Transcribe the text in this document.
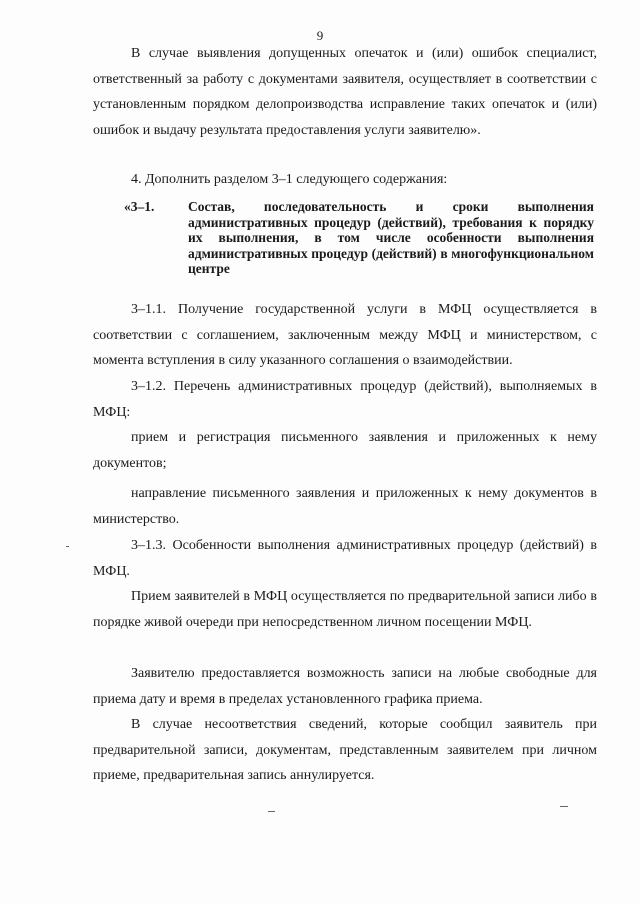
9

В случае выявления допущенных опечаток и (или) ошибок специалист, ответственный за работу с документами заявителя, осуществляет в соответствии с установленным порядком делопроизводства исправление таких опечаток и (или) ошибок и выдачу результата предоставления услуги заявителю».

4. Дополнить разделом 3–1 следующего содержания:

«3–1.	Состав, последовательность и сроки выполнения административных процедур (действий), требования к порядку их выполнения, в том числе особенности выполнения административных процедур (действий) в многофункциональном центре

3–1.1. Получение государственной услуги в МФЦ осуществляется в соответствии с соглашением, заключенным между МФЦ и министерством, с момента вступления в силу указанного соглашения о взаимодействии.

3–1.2. Перечень административных процедур (действий), выполняемых в МФЦ:

прием и регистрация письменного заявления и приложенных к нему документов;

направление письменного заявления и приложенных к нему документов в министерство.

3–1.3. Особенности выполнения административных процедур (действий) в МФЦ.

Прием заявителей в МФЦ осуществляется по предварительной записи либо в порядке живой очереди при непосредственном личном посещении МФЦ.

Заявителю предоставляется возможность записи на любые свободные для приема дату и время в пределах установленного графика приема.

В случае несоответствия сведений, которые сообщил заявитель при предварительной записи, документам, представленным заявителем при личном приеме, предварительная запись аннулируется.
